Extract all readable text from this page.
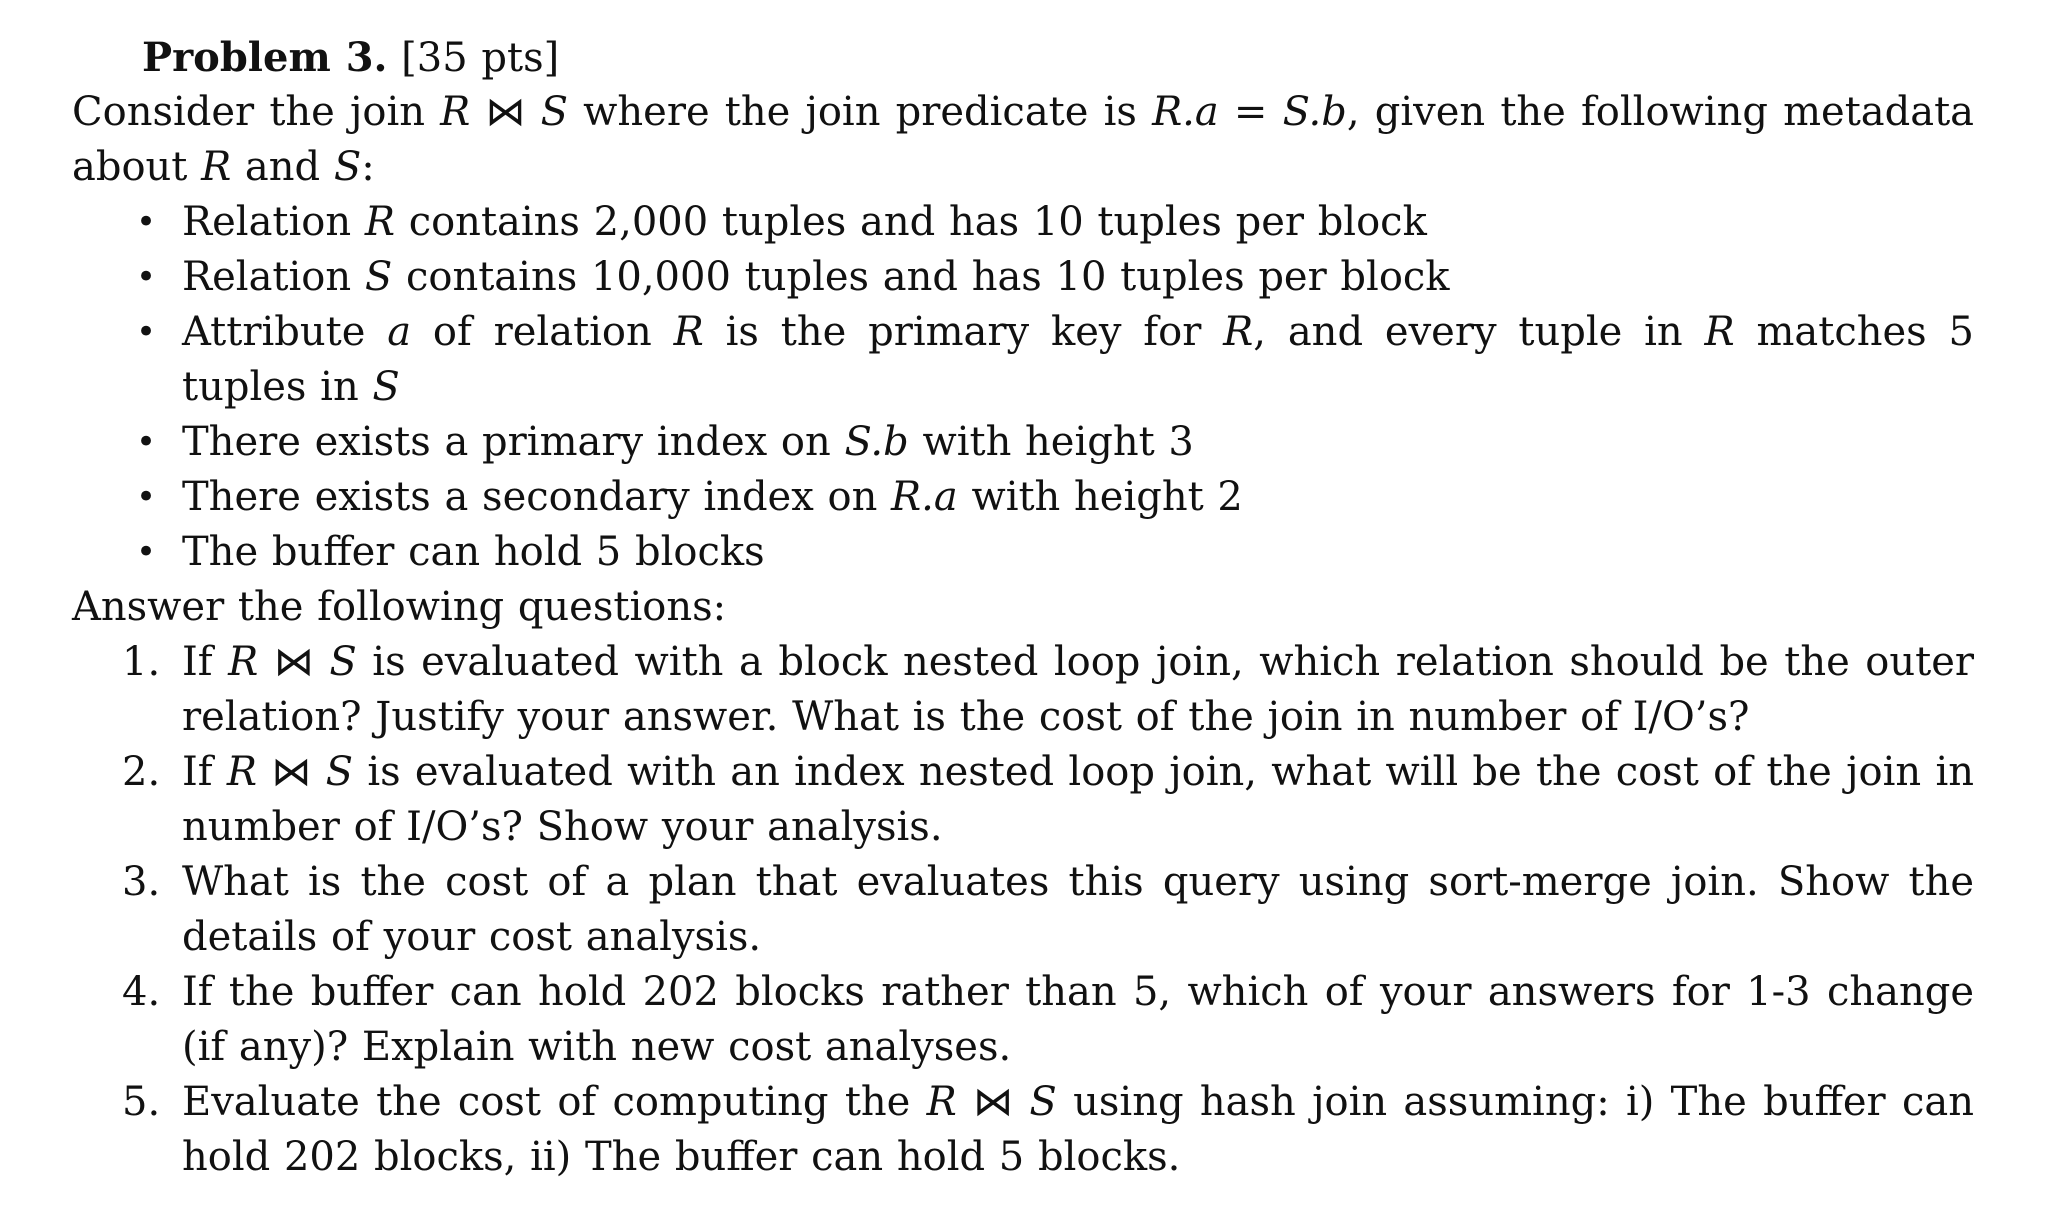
Problem 3. [35 pts]
Consider the join R ⋈ S where the join predicate is R.a = S.b, given the following metadata about R and S:
• Relation R contains 2,000 tuples and has 10 tuples per block
• Relation S contains 10,000 tuples and has 10 tuples per block
• Attribute a of relation R is the primary key for R, and every tuple in R matches 5 tuples in S
• There exists a primary index on S.b with height 3
• There exists a secondary index on R.a with height 2
• The buffer can hold 5 blocks
Answer the following questions:
1. If R ⋈ S is evaluated with a block nested loop join, which relation should be the outer relation? Justify your answer. What is the cost of the join in number of I/O’s?
2. If R ⋈ S is evaluated with an index nested loop join, what will be the cost of the join in number of I/O’s? Show your analysis.
3. What is the cost of a plan that evaluates this query using sort-merge join. Show the details of your cost analysis.
4. If the buffer can hold 202 blocks rather than 5, which of your answers for 1-3 change (if any)? Explain with new cost analyses.
5. Evaluate the cost of computing the R ⋈ S using hash join assuming: i) The buffer can hold 202 blocks, ii) The buffer can hold 5 blocks.
